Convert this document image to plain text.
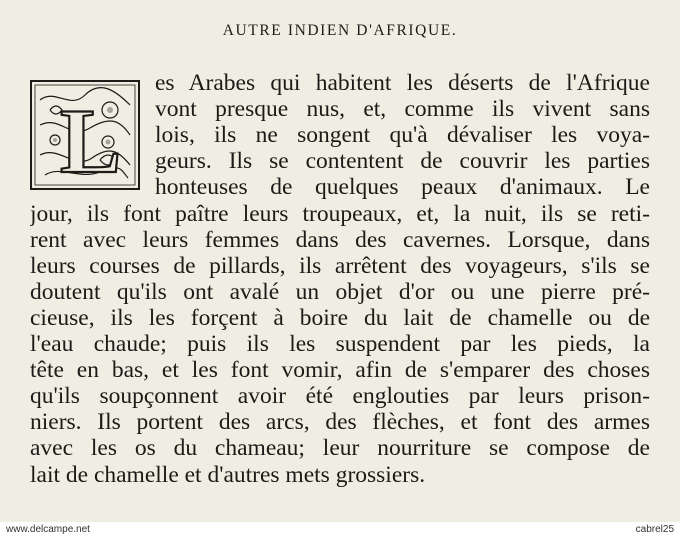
AUTRE INDIEN D'AFRIQUE.
L
es Arabes qui habitent les déserts de l'Afrique
vont presque nus, et, comme ils vivent sans
lois, ils ne songent qu'à dévaliser les voya-
geurs. Ils se contentent de couvrir les parties
honteuses de quelques peaux d'animaux. Le
jour, ils font paître leurs troupeaux, et, la nuit, ils se reti-
rent avec leurs femmes dans des cavernes. Lorsque, dans
leurs courses de pillards, ils arrêtent des voyageurs, s'ils se
doutent qu'ils ont avalé un objet d'or ou une pierre pré-
cieuse, ils les forçent à boire du lait de chamelle ou de
l'eau chaude; puis ils les suspendent par les pieds, la
tête en bas, et les font vomir, afin de s'emparer des choses
qu'ils soupçonnent avoir été englouties par leurs prison-
niers. Ils portent des arcs, des flèches, et font des armes
avec les os du chameau; leur nourriture se compose de
lait de chamelle et d'autres mets grossiers.
www.delcampe.net	cabrel25
